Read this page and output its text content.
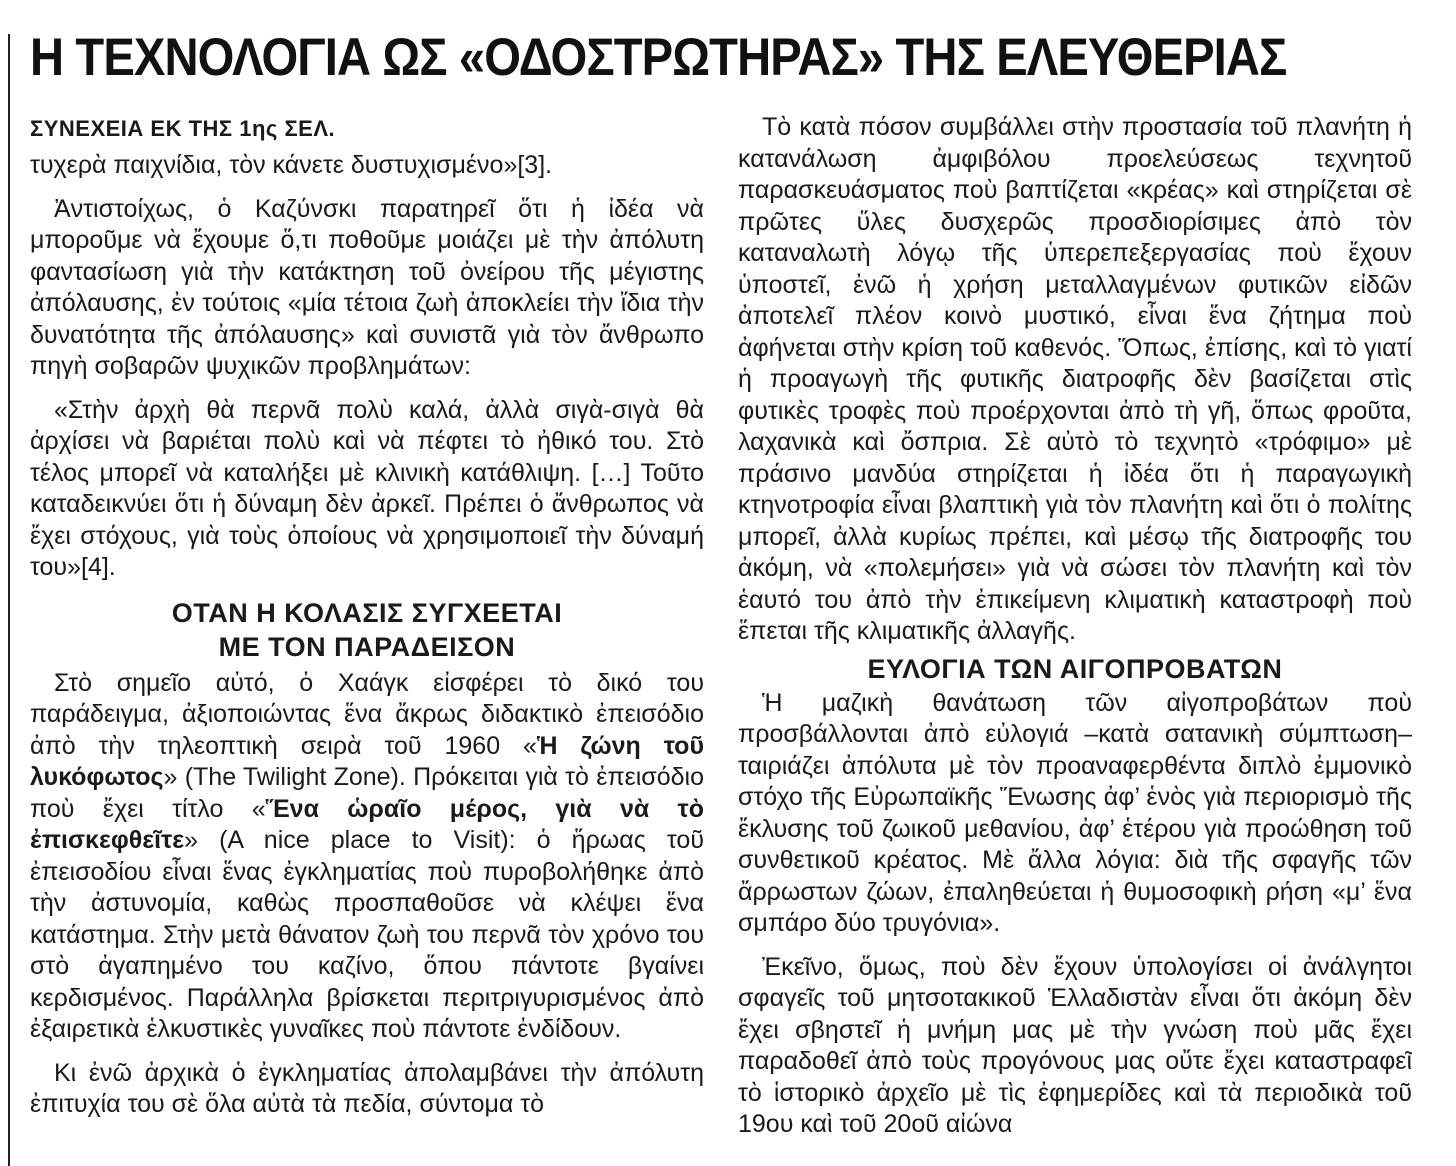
Η ΤΕΧΝΟΛΟΓΙΑ ΩΣ «ΟΔΟΣΤΡΩΤΗΡΑΣ» ΤΗΣ ΕΛΕΥΘΕΡΙΑΣ
ΣΥΝΕΧΕΙΑ ΕΚ ΤΗΣ 1ης ΣΕΛ.

τυχερὰ παιχνίδια, τὸν κάνετε δυστυχισμένο»[3].

Ἀντιστοίχως, ὁ Καζύνσκι παρατηρεῖ ὅτι ἡ ἰδέα νὰ μποροῦμε νὰ ἔχουμε ὅ,τι ποθοῦμε μοιάζει μὲ τὴν ἀπόλυτη φαντασίωση γιὰ τὴν κατάκτηση τοῦ ὀνείρου τῆς μέγιστης ἀπόλαυσης, ἐν τούτοις «μία τέτοια ζωὴ ἀποκλείει τὴν ἴδια τὴν δυνατότητα τῆς ἀπόλαυσης» καὶ συνιστᾶ γιὰ τὸν ἄνθρωπο πηγὴ σοβαρῶν ψυχικῶν προβλημάτων:

«Στὴν ἀρχὴ θὰ περνᾶ πολὺ καλά, ἀλλὰ σιγὰ-σιγὰ θὰ ἀρχίσει νὰ βαριέται πολὺ καὶ νὰ πέφτει τὸ ἠθικό του. Στὸ τέλος μπορεῖ νὰ καταλήξει μὲ κλινικὴ κατάθλιψη. […] Τοῦτο καταδεικνύει ὅτι ἡ δύναμη δὲν ἀρκεῖ. Πρέπει ὁ ἄνθρωπος νὰ ἔχει στόχους, γιὰ τοὺς ὁποίους νὰ χρησιμοποιεῖ τὴν δύναμή του»[4].

ΟΤΑΝ Η ΚΟΛΑΣΙΣ ΣΥΓΧΕΕΤΑΙ
ΜΕ ΤΟΝ ΠΑΡΑΔΕΙΣΟΝ

Στὸ σημεῖο αὐτό, ὁ Χαάγκ εἰσφέρει τὸ δικό του παράδειγμα, ἀξιοποιώντας ἕνα ἄκρως διδακτικὸ ἐπεισόδιο ἀπὸ τὴν τηλεοπτικὴ σειρὰ τοῦ 1960 «Ἡ ζώνη τοῦ λυκόφωτος» (The Twilight Zone). Πρόκειται γιὰ τὸ ἐπεισόδιο ποὺ ἔχει τίτλο «Ἕνα ὡραῖο μέρος, γιὰ νὰ τὸ ἐπισκεφθεῖτε» (A nice place to Visit): ὁ ἥρωας τοῦ ἐπεισοδίου εἶναι ἕνας ἐγκληματίας ποὺ πυροβολήθηκε ἀπὸ τὴν ἀστυνομία, καθὼς προσπαθοῦσε νὰ κλέψει ἕνα κατάστημα. Στὴν μετὰ θάνατον ζωὴ του περνᾶ τὸν χρόνο του στὸ ἀγαπημένο του καζίνο, ὅπου πάντοτε βγαίνει κερδισμένος. Παράλληλα βρίσκεται περιτριγυρισμένος ἀπὸ ἐξαιρετικὰ ἑλκυστικὲς γυναῖκες ποὺ πάντοτε ἐνδίδουν.

Κι ἐνῶ ἀρχικὰ ὁ ἐγκληματίας ἀπολαμβάνει τὴν ἀπόλυτη ἐπιτυχία του σὲ ὅλα αὐτὰ τὰ πεδία, σύντομα τὸ

Τὸ κατὰ πόσον συμβάλλει στὴν προστασία τοῦ πλανήτη ἡ κατανάλωση ἀμφιβόλου προελεύσεως τεχνητοῦ παρασκευάσματος ποὺ βαπτίζεται «κρέας» καὶ στηρίζεται σὲ πρῶτες ὕλες δυσχερῶς προσδιορίσιμες ἀπὸ τὸν καταναλωτὴ λόγῳ τῆς ὑπερεπεξεργασίας ποὺ ἔχουν ὑποστεῖ, ἐνῶ ἡ χρήση μεταλλαγμένων φυτικῶν εἰδῶν ἀποτελεῖ πλέον κοινὸ μυστικό, εἶναι ἕνα ζήτημα ποὺ ἀφήνεται στὴν κρίση τοῦ καθενός. Ὅπως, ἐπίσης, καὶ τὸ γιατί ἡ προαγωγὴ τῆς φυτικῆς διατροφῆς δὲν βασίζεται στὶς φυτικὲς τροφὲς ποὺ προέρχονται ἀπὸ τὴ γῆ, ὅπως φροῦτα, λαχανικὰ καὶ ὄσπρια. Σὲ αὐτὸ τὸ τεχνητὸ «τρόφιμο» μὲ πράσινο μανδύα στηρίζεται ἡ ἰδέα ὅτι ἡ παραγωγικὴ κτηνοτροφία εἶναι βλαπτικὴ γιὰ τὸν πλανήτη καὶ ὅτι ὁ πολίτης μπορεῖ, ἀλλὰ κυρίως πρέπει, καὶ μέσῳ τῆς διατροφῆς του ἀκόμη, νὰ «πολεμήσει» γιὰ νὰ σώσει τὸν πλανήτη καὶ τὸν ἑαυτό του ἀπὸ τὴν ἐπικείμενη κλιματικὴ καταστροφὴ ποὺ ἕπεται τῆς κλιματικῆς ἀλλαγῆς.

ΕΥΛΟΓΙΑ ΤΩΝ ΑΙΓΟΠΡΟΒΑΤΩΝ

Ἡ μαζικὴ θανάτωση τῶν αἰγοπροβάτων ποὺ προσβάλλονται ἀπὸ εὐλογιά –κατὰ σατανικὴ σύμπτωση– ταιριάζει ἀπόλυτα μὲ τὸν προαναφερθέντα διπλὸ ἐμμονικὸ στόχο τῆς Εὐρωπαϊκῆς Ἕνωσης ἀφ’ ἑνὸς γιὰ περιορισμὸ τῆς ἔκλυσης τοῦ ζωικοῦ μεθανίου, ἀφ’ ἑτέρου γιὰ προώθηση τοῦ συνθετικοῦ κρέατος. Μὲ ἄλλα λόγια: διὰ τῆς σφαγῆς τῶν ἄρρωστων ζώων, ἐπαληθεύεται ἡ θυμοσοφικὴ ρήση «μ’ ἕνα σμπάρο δύο τρυγόνια».

Ἐκεῖνο, ὅμως, ποὺ δὲν ἔχουν ὑπολογίσει οἱ ἀνάλγητοι σφαγεῖς τοῦ μητσοτακικοῦ Ἑλλαδιστὰν εἶναι ὅτι ἀκόμη δὲν ἔχει σβηστεῖ ἡ μνήμη μας μὲ τὴν γνώση ποὺ μᾶς ἔχει παραδοθεῖ ἀπὸ τοὺς προγόνους μας οὔτε ἔχει καταστραφεῖ τὸ ἱστορικὸ ἀρχεῖο μὲ τὶς ἐφημερίδες καὶ τὰ περιοδικὰ τοῦ 19ου καὶ τοῦ 20οῦ αἰώνα
